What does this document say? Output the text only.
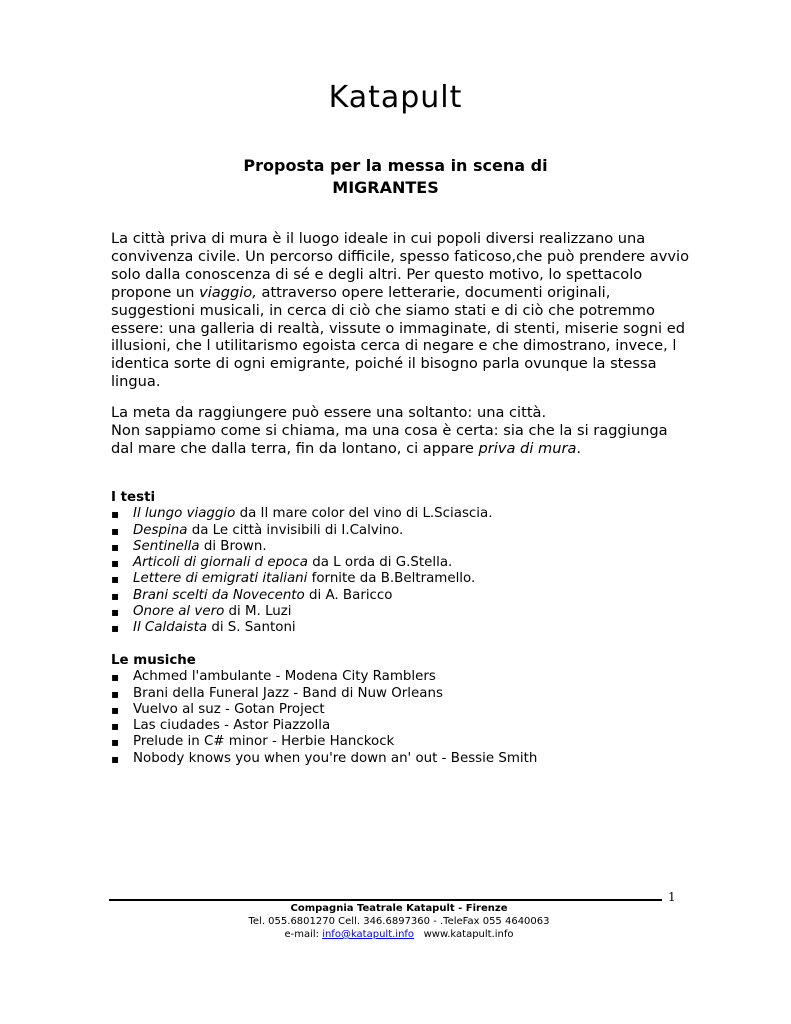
Katapult
Proposta per la messa in scena di
MIGRANTES
La città priva di mura è il luogo ideale in cui popoli diversi realizzano una convivenza civile. Un percorso difficile, spesso faticoso,che può prendere avvio solo dalla conoscenza di sé e degli altri. Per questo motivo, lo spettacolo propone un viaggio, attraverso opere letterarie, documenti originali, suggestioni musicali, in cerca di ciò che siamo stati e di ciò che potremmo essere: una galleria di realtà, vissute o immaginate, di stenti, miserie sogni ed illusioni, che l utilitarismo egoista cerca di negare e che dimostrano, invece, l identica sorte di ogni emigrante, poiché il bisogno parla ovunque la stessa lingua.
La meta da raggiungere può essere una soltanto: una città.
Non sappiamo come si chiama, ma una cosa è certa: sia che la si raggiunga dal mare che dalla terra, fin da lontano, ci appare priva di mura.
I testi
▪ Il lungo viaggio da Il mare color del vino di L.Sciascia.
▪ Despina da Le città invisibili di I.Calvino.
▪ Sentinella di Brown.
▪ Articoli di giornali d epoca da L orda di G.Stella.
▪ Lettere di emigrati italiani fornite da B.Beltramello.
▪ Brani scelti da Novecento di A. Baricco
▪ Onore al vero di M. Luzi
▪ Il Caldaista di S. Santoni
Le musiche
▪ Achmed l'ambulante - Modena City Ramblers
▪ Brani della Funeral Jazz - Band di Nuw Orleans
▪ Vuelvo al suz - Gotan Project
▪ Las ciudades - Astor Piazzolla
▪ Prelude in C# minor - Herbie Hanckock
▪ Nobody knows you when you're down an' out - Bessie Smith
1
Compagnia Teatrale Katapult - Firenze
Tel. 055.6801270 Cell. 346.6897360 - .TeleFax 055 4640063
e-mail: info@katapult.info www.katapult.info
